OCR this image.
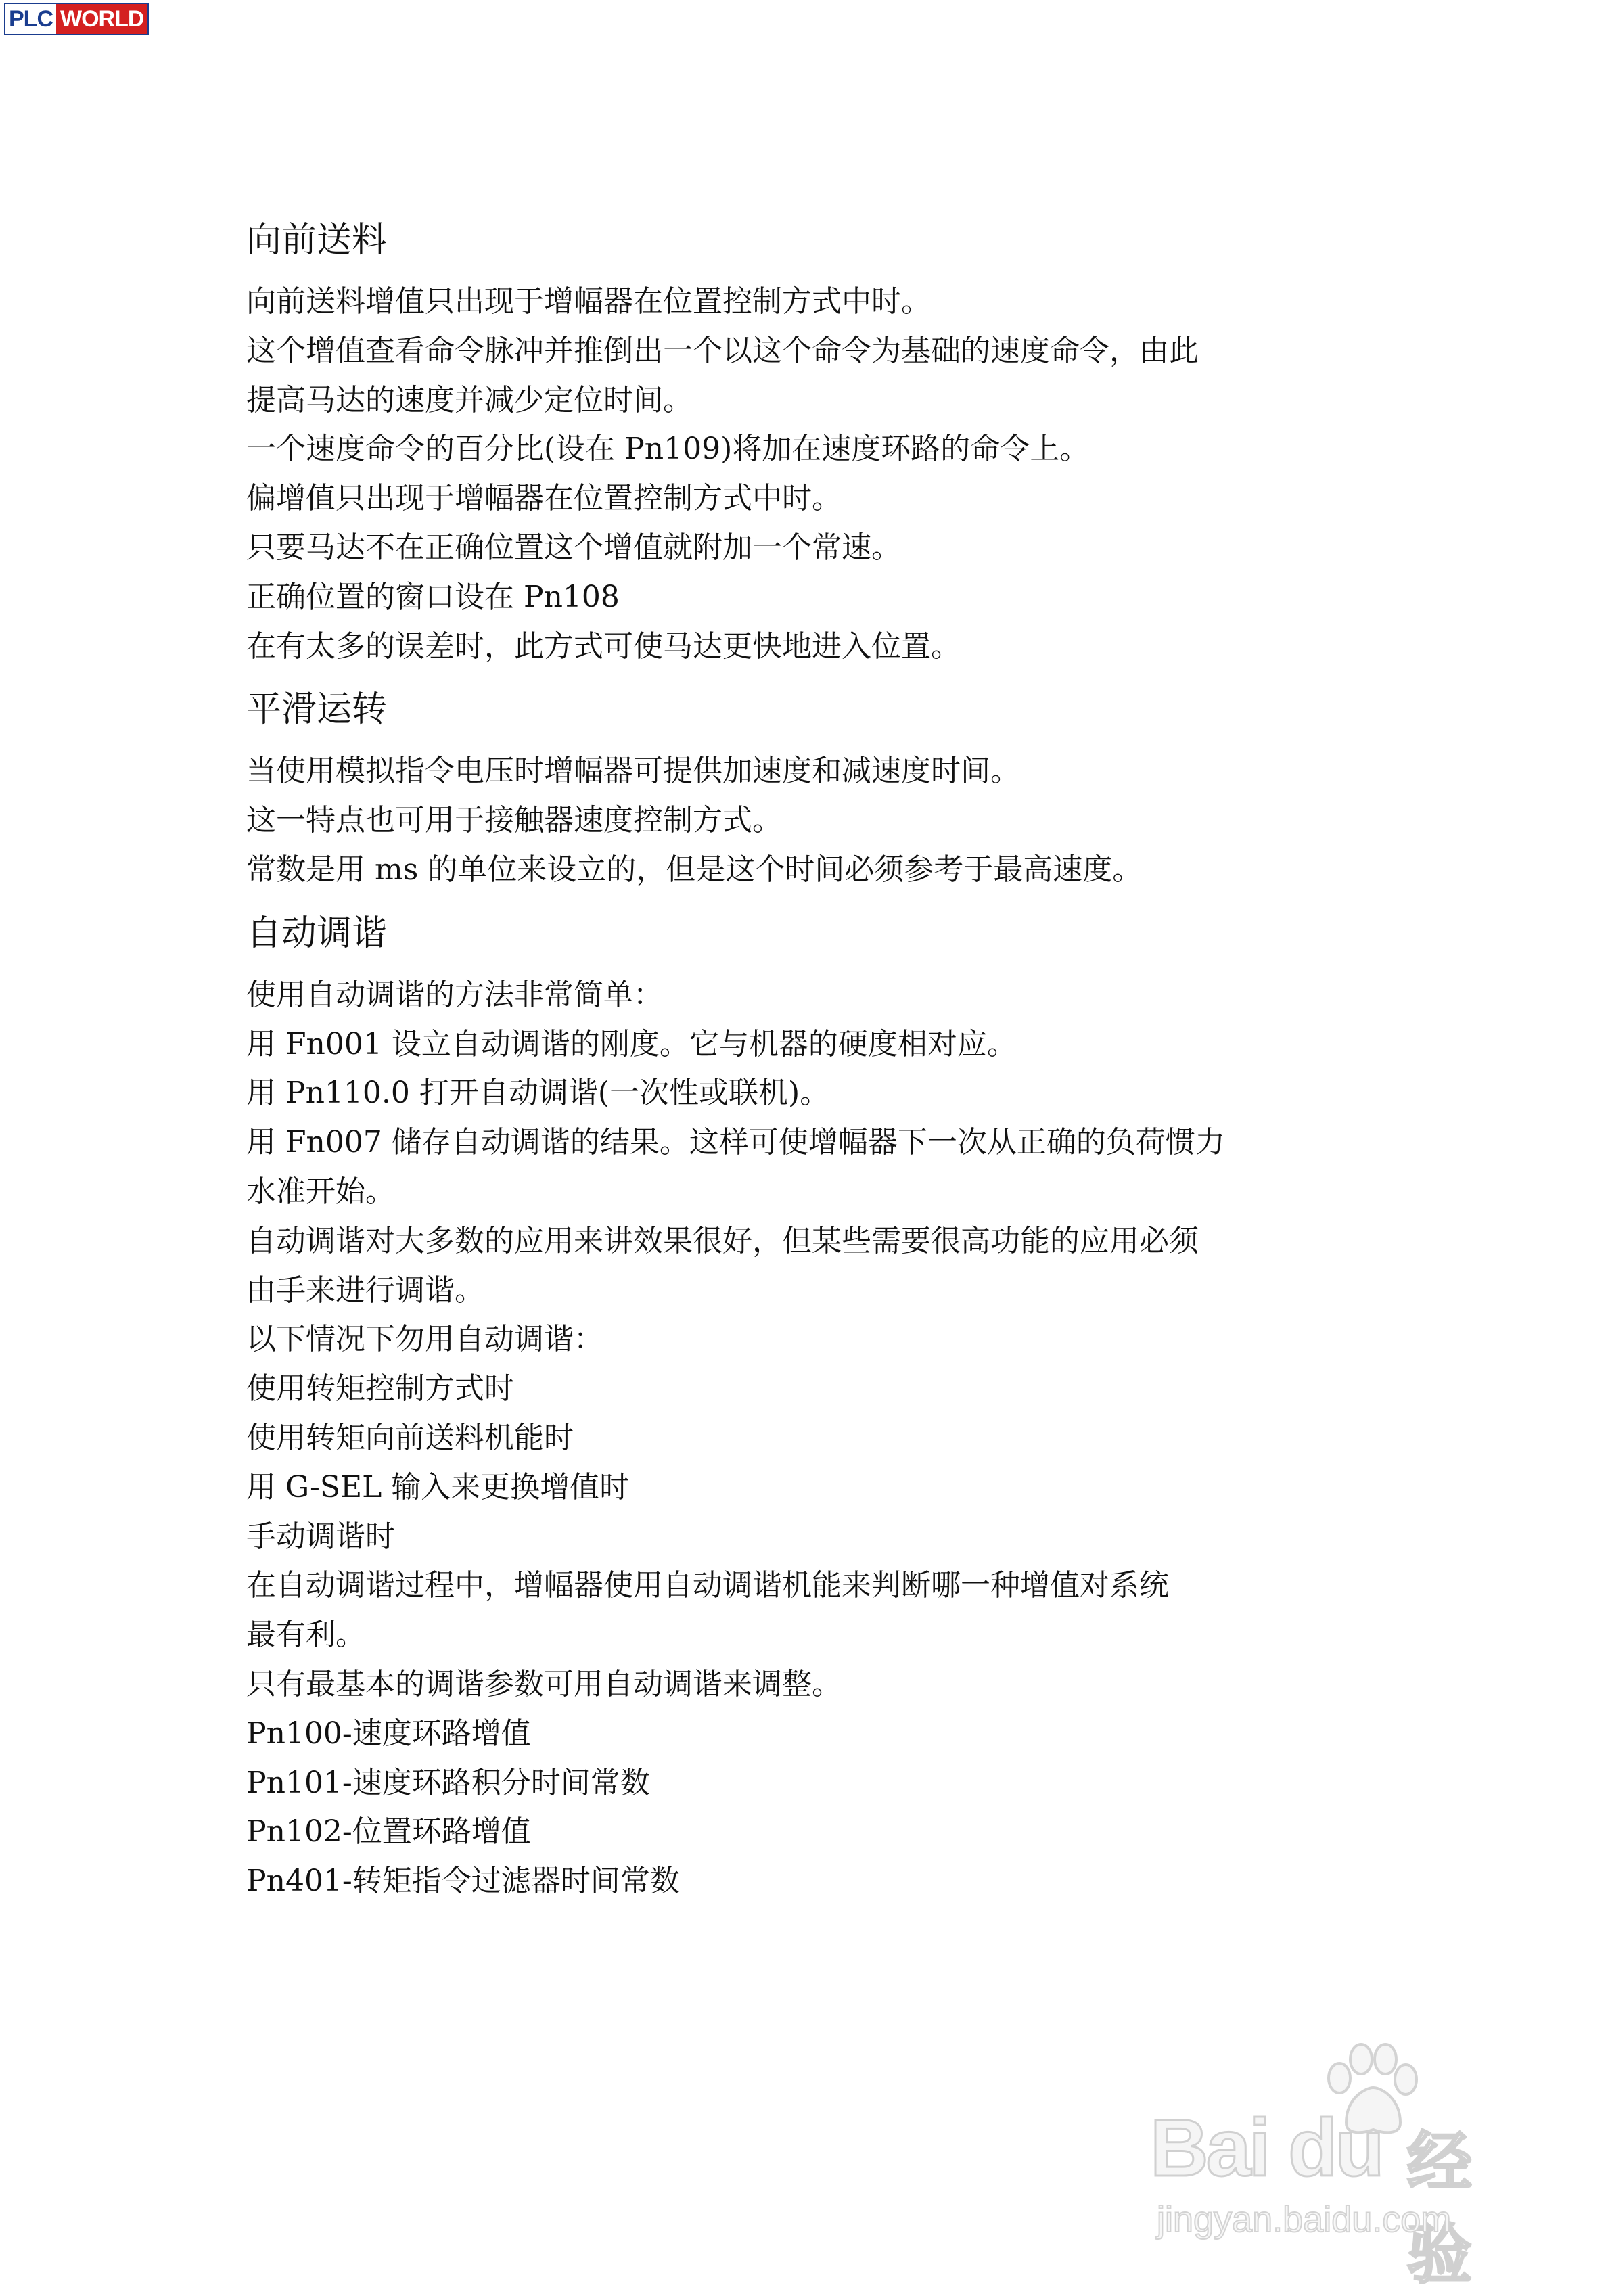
PLC WORLD
向前送料

向前送料增值只出现于增幅器在位置控制方式中时。

这个增值查看命令脉冲并推倒出一个以这个命令为基础的速度命令，由此

提高马达的速度并减少定位时间。

一个速度命令的百分比(设在 Pn109)将加在速度环路的命令上。

偏增值只出现于增幅器在位置控制方式中时。

只要马达不在正确位置这个增值就附加一个常速。

正确位置的窗口设在 Pn108

在有太多的误差时，此方式可使马达更快地进入位置。

平滑运转

当使用模拟指令电压时增幅器可提供加速度和减速度时间。

这一特点也可用于接触器速度控制方式。

常数是用 ms 的单位来设立的，但是这个时间必须参考于最高速度。

自动调谐

使用自动调谐的方法非常简单：

用 Fn001 设立自动调谐的刚度。它与机器的硬度相对应。

用 Pn110.0 打开自动调谐(一次性或联机)。

用 Fn007 储存自动调谐的结果。这样可使增幅器下一次从正确的负荷惯力

水准开始。

自动调谐对大多数的应用来讲效果很好，但某些需要很高功能的应用必须

由手来进行调谐。

以下情况下勿用自动调谐：

使用转矩控制方式时

使用转矩向前送料机能时

用 G-SEL 输入来更换增值时

手动调谐时

在自动调谐过程中，增幅器使用自动调谐机能来判断哪一种增值对系统

最有利。

只有最基本的调谐参数可用自动调谐来调整。

Pn100-速度环路增值

Pn101-速度环路积分时间常数

Pn102-位置环路增值

Pn401-转矩指令过滤器时间常数

Bai du 经验
jingyan.baidu.com
